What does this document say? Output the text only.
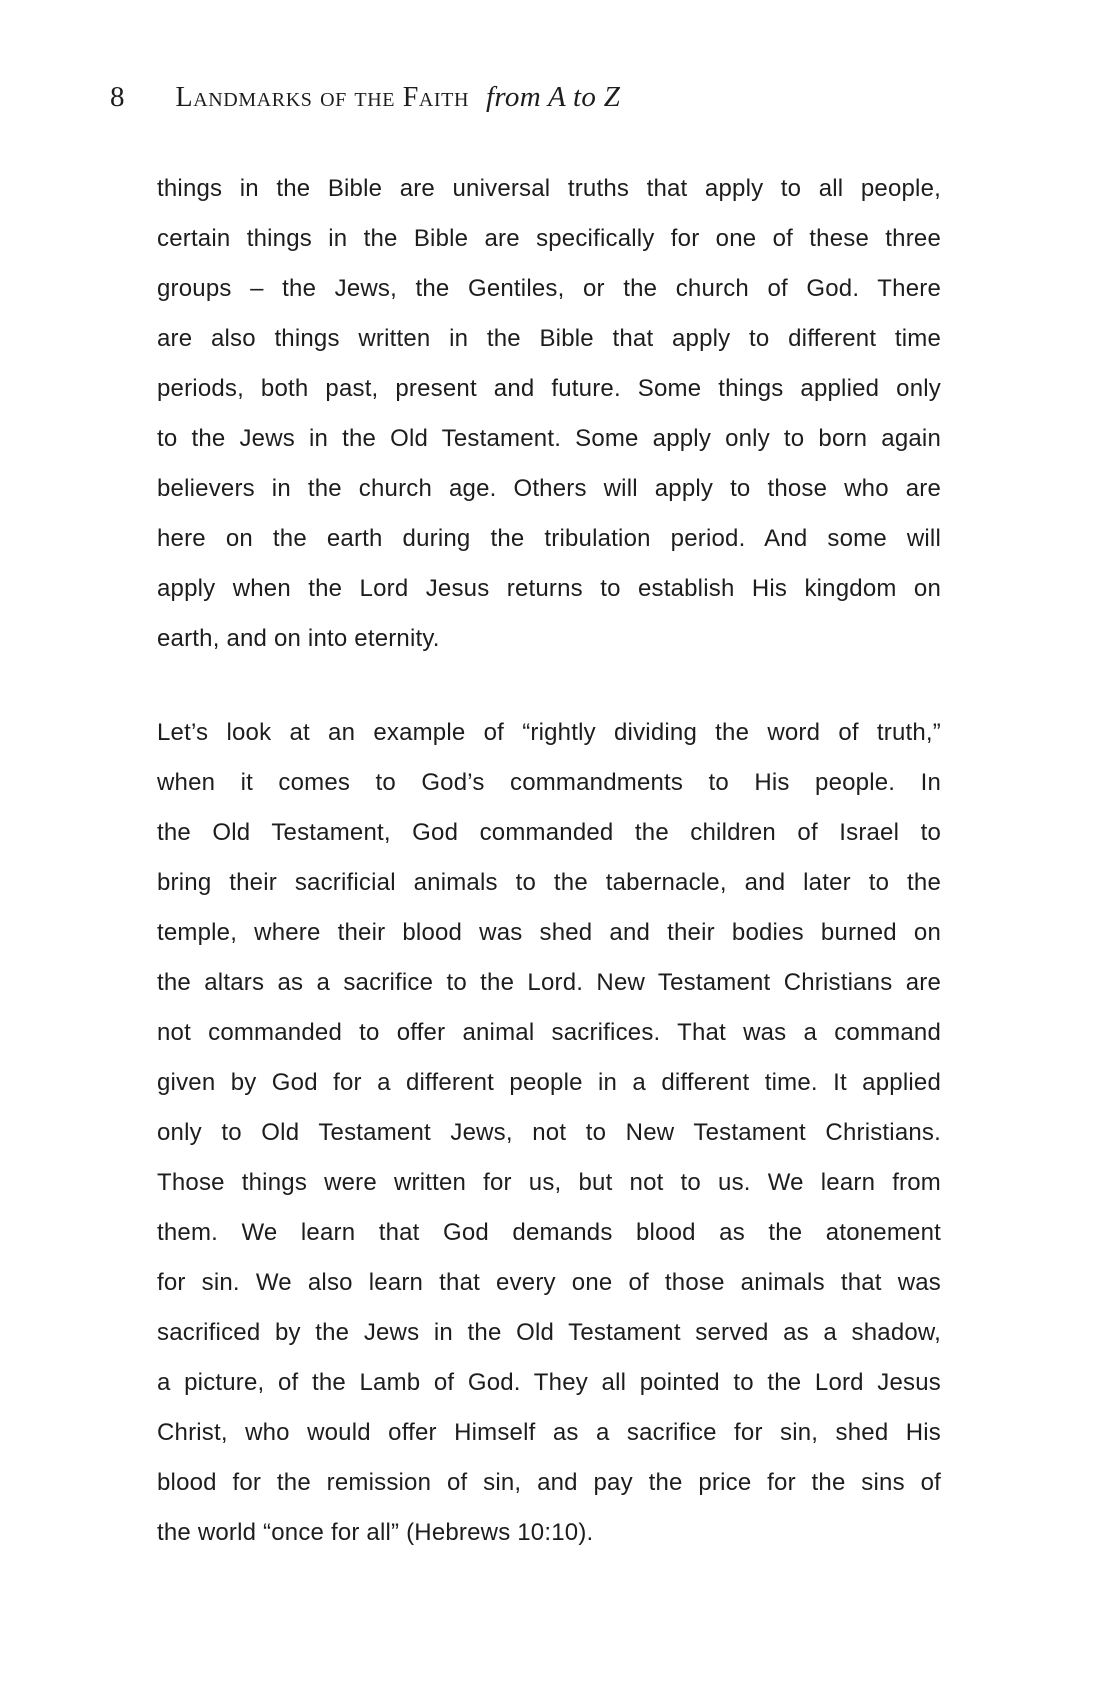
8 Landmarks of the Faith from A to Z

things in the Bible are universal truths that apply to all people,
certain things in the Bible are specifically for one of these three
groups – the Jews, the Gentiles, or the church of God. There
are also things written in the Bible that apply to different time
periods, both past, present and future. Some things applied only
to the Jews in the Old Testament. Some apply only to born again
believers in the church age. Others will apply to those who are
here on the earth during the tribulation period. And some will
apply when the Lord Jesus returns to establish His kingdom on
earth, and on into eternity.

Let’s look at an example of “rightly dividing the word of truth,”
when it comes to God’s commandments to His people. In
the Old Testament, God commanded the children of Israel to
bring their sacrificial animals to the tabernacle, and later to the
temple, where their blood was shed and their bodies burned on
the altars as a sacrifice to the Lord. New Testament Christians are
not commanded to offer animal sacrifices. That was a command
given by God for a different people in a different time. It applied
only to Old Testament Jews, not to New Testament Christians.
Those things were written for us, but not to us. We learn from
them. We learn that God demands blood as the atonement
for sin. We also learn that every one of those animals that was
sacrificed by the Jews in the Old Testament served as a shadow,
a picture, of the Lamb of God. They all pointed to the Lord Jesus
Christ, who would offer Himself as a sacrifice for sin, shed His
blood for the remission of sin, and pay the price for the sins of
the world “once for all” (Hebrews 10:10).
